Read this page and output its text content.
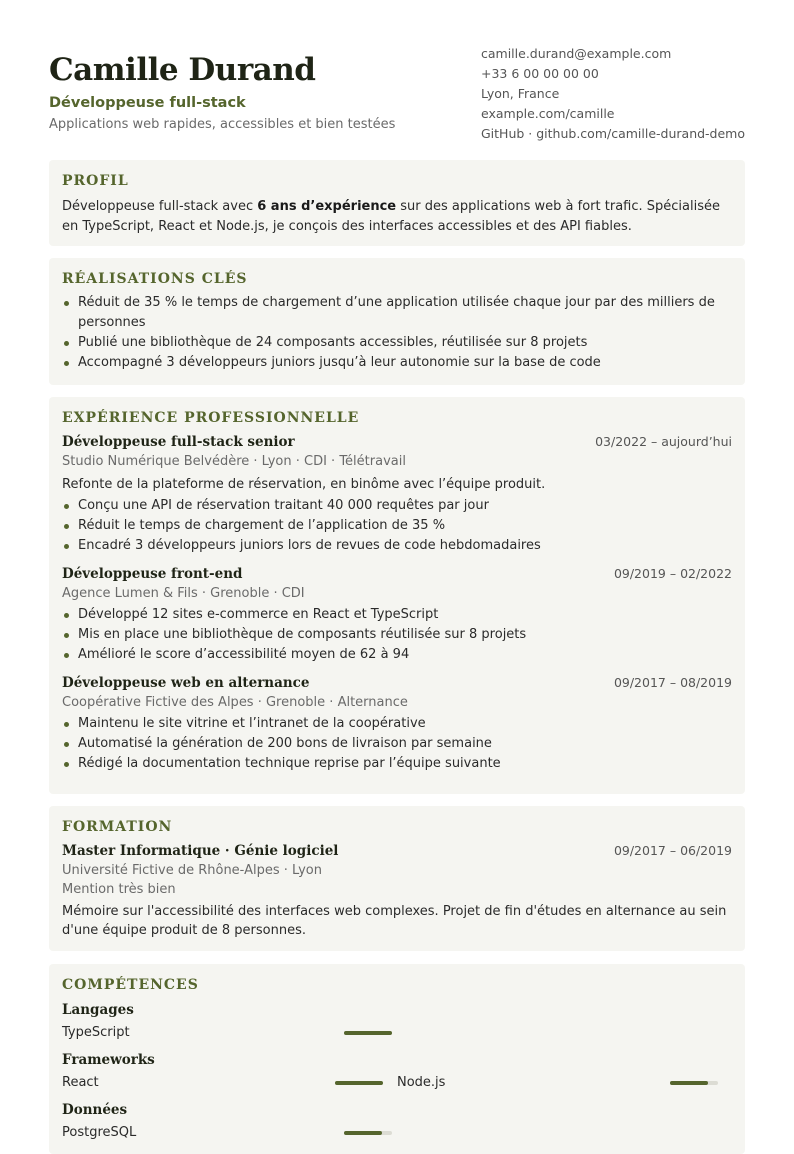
Camille Durand
Développeuse full-stack
Applications web rapides, accessibles et bien testées
camille.durand@example.com
+33 6 00 00 00 00
Lyon, France
example.com/camille
GitHub · github.com/camille-durand-demo
PROFIL
Développeuse full-stack avec 6 ans d’expérience sur des applications web à fort trafic. Spécialisée en TypeScript, React et Node.js, je conçois des interfaces accessibles et des API fiables.
RÉALISATIONS CLÉS
Réduit de 35 % le temps de chargement d’une application utilisée chaque jour par des milliers de personnes
Publié une bibliothèque de 24 composants accessibles, réutilisée sur 8 projets
Accompagné 3 développeurs juniors jusqu’à leur autonomie sur la base de code
EXPÉRIENCE PROFESSIONNELLE
Développeuse full-stack senior	03/2022 – aujourd’hui
Studio Numérique Belvédère · Lyon · CDI · Télétravail
Refonte de la plateforme de réservation, en binôme avec l’équipe produit.
Conçu une API de réservation traitant 40 000 requêtes par jour
Réduit le temps de chargement de l’application de 35 %
Encadré 3 développeurs juniors lors de revues de code hebdomadaires
Développeuse front-end	09/2019 – 02/2022
Agence Lumen & Fils · Grenoble · CDI
Développé 12 sites e-commerce en React et TypeScript
Mis en place une bibliothèque de composants réutilisée sur 8 projets
Amélioré le score d’accessibilité moyen de 62 à 94
Développeuse web en alternance	09/2017 – 08/2019
Coopérative Fictive des Alpes · Grenoble · Alternance
Maintenu le site vitrine et l’intranet de la coopérative
Automatisé la génération de 200 bons de livraison par semaine
Rédigé la documentation technique reprise par l’équipe suivante
FORMATION
Master Informatique · Génie logiciel	09/2017 – 06/2019
Université Fictive de Rhône-Alpes · Lyon
Mention très bien
Mémoire sur l'accessibilité des interfaces web complexes. Projet de fin d'études en alternance au sein d'une équipe produit de 8 personnes.
COMPÉTENCES
Langages
TypeScript
Frameworks
React	Node.js
Données
PostgreSQL
